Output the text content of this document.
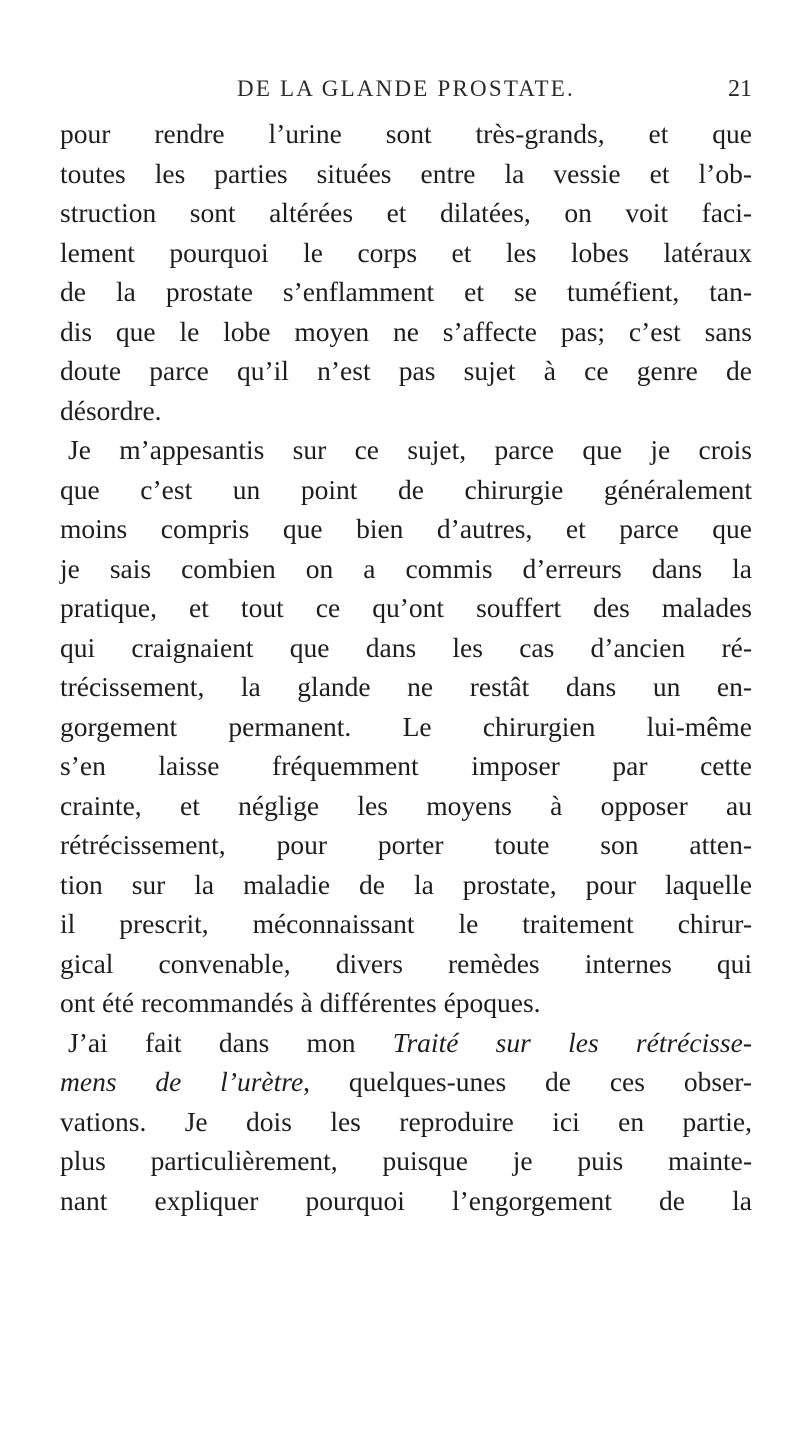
DE LA GLANDE PROSTATE.	21
pour rendre l’urine sont très-grands, et que
toutes les parties situées entre la vessie et l’ob-
struction sont altérées et dilatées, on voit faci-
lement pourquoi le corps et les lobes latéraux
de la prostate s’enflamment et se tuméfient, tan-
dis que le lobe moyen ne s’affecte pas; c’est sans
doute parce qu’il n’est pas sujet à ce genre de
désordre.
Je m’appesantis sur ce sujet, parce que je crois
que c’est un point de chirurgie généralement
moins compris que bien d’autres, et parce que
je sais combien on a commis d’erreurs dans la
pratique, et tout ce qu’ont souffert des malades
qui craignaient que dans les cas d’ancien ré-
trécissement, la glande ne restât dans un en-
gorgement permanent. Le chirurgien lui-même
s’en laisse fréquemment imposer par cette
crainte, et néglige les moyens à opposer au
rétrécissement, pour porter toute son atten-
tion sur la maladie de la prostate, pour laquelle
il prescrit, méconnaissant le traitement chirur-
gical convenable, divers remèdes internes qui
ont été recommandés à différentes époques.
J’ai fait dans mon Traité sur les rétrécisse-
mens de l’urètre, quelques-unes de ces obser-
vations. Je dois les reproduire ici en partie,
plus particulièrement, puisque je puis mainte-
nant expliquer pourquoi l’engorgement de la
